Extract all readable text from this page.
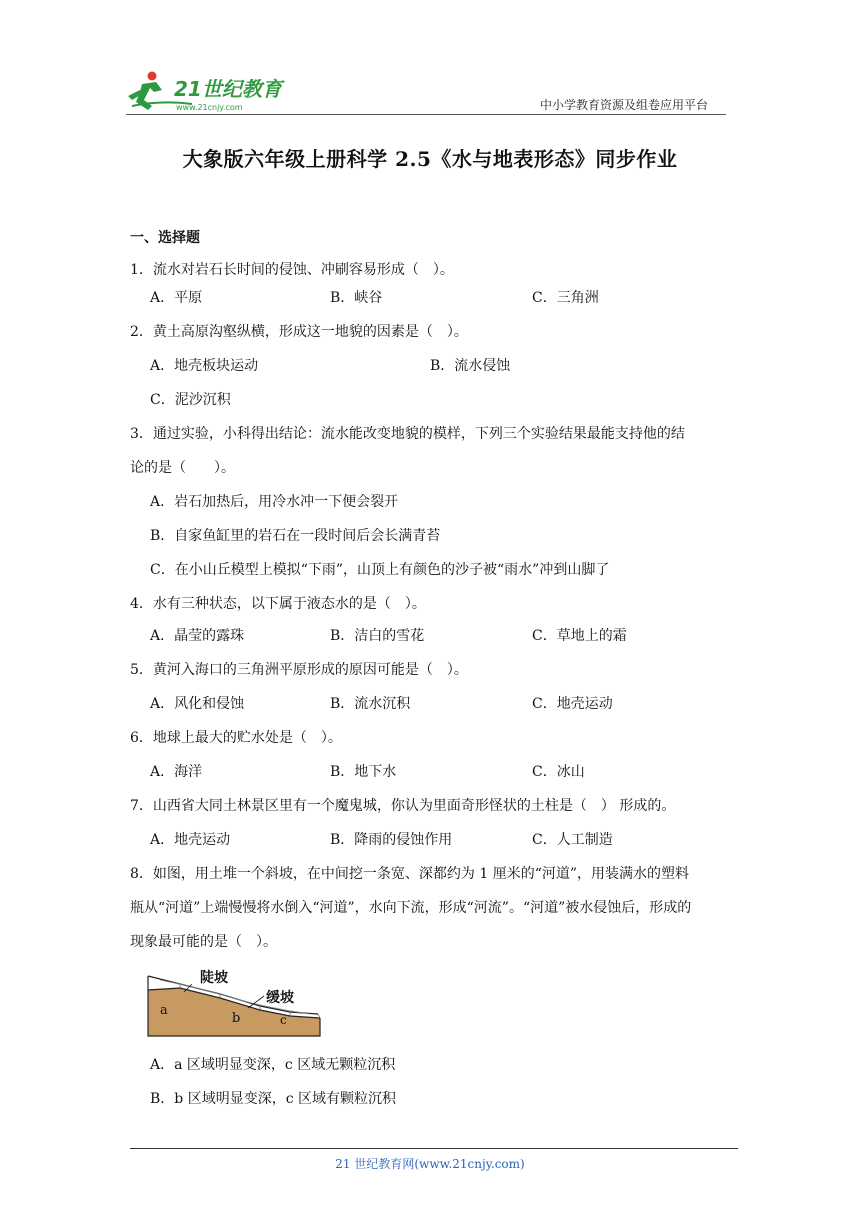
21世纪教育
www.21cnjy.com	中小学教育资源及组卷应用平台
大象版六年级上册科学 2.5《水与地表形态》同步作业
一、选择题
1．流水对岩石长时间的侵蚀、冲刷容易形成（　）。
A．平原	B．峡谷	C．三角洲
2．黄土高原沟壑纵横，形成这一地貌的因素是（　）。
A．地壳板块运动	B．流水侵蚀
C．泥沙沉积
3．通过实验，小科得出结论：流水能改变地貌的模样，下列三个实验结果最能支持他的结
论的是（　　）。
A．岩石加热后，用冷水冲一下便会裂开
B．自家鱼缸里的岩石在一段时间后会长满青苔
C．在小山丘模型上模拟“下雨”，山顶上有颜色的沙子被“雨水”冲到山脚了
4．水有三种状态，以下属于液态水的是（　）。
A．晶莹的露珠	B．洁白的雪花	C．草地上的霜
5．黄河入海口的三角洲平原形成的原因可能是（　）。
A．风化和侵蚀	B．流水沉积	C．地壳运动
6．地球上最大的贮水处是（　）。
A．海洋	B．地下水	C．冰山
7．山西省大同土林景区里有一个魔鬼城，你认为里面奇形怪状的土柱是（　） 形成的。
A．地壳运动	B．降雨的侵蚀作用	C．人工制造
8．如图，用土堆一个斜坡，在中间挖一条宽、深都约为 1 厘米的“河道”，用装满水的塑料
瓶从“河道”上端慢慢将水倒入“河道”，水向下流，形成“河流”。“河道”被水侵蚀后，形成的
现象最可能的是（　）。
陡坡
缓坡
a
b	c
A．a 区域明显变深，c 区域无颗粒沉积
B．b 区域明显变深，c 区域有颗粒沉积
21 世纪教育网(www.21cnjy.com)
